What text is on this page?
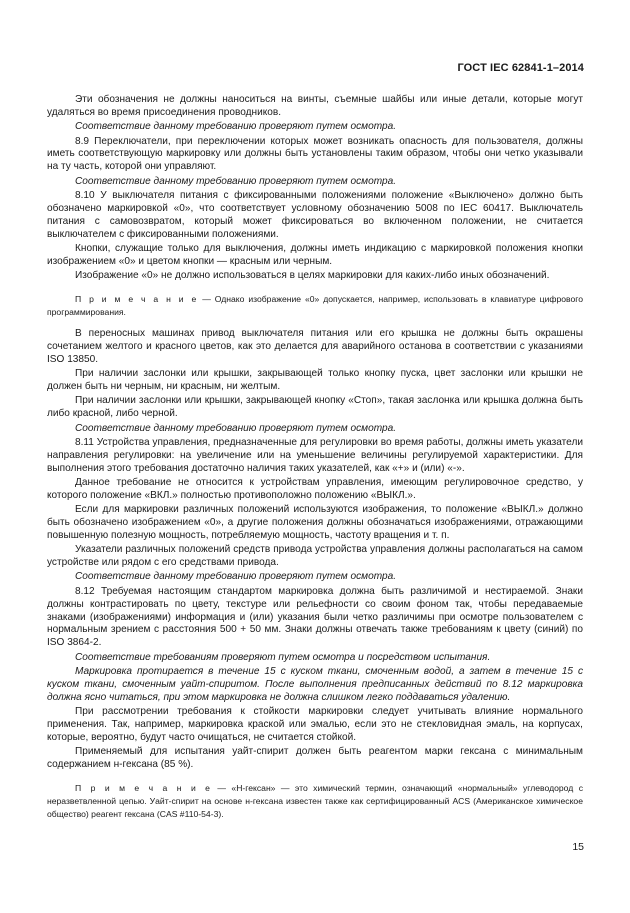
ГОСТ IEC 62841-1–2014

Эти обозначения не должны наноситься на винты, съемные шайбы или иные детали, которые могут удаляться во время присоединения проводников.

Соответствие данному требованию проверяют путем осмотра.

8.9 Переключатели, при переключении которых может возникать опасность для пользователя, должны иметь соответствующую маркировку или должны быть установлены таким образом, чтобы они четко указывали на ту часть, которой они управляют.

Соответствие данному требованию проверяют путем осмотра.

8.10 У выключателя питания с фиксированными положениями положение «Выключено» должно быть обозначено маркировкой «0», что соответствует условному обозначению 5008 по IEC 60417. Выключатель питания с самовозвратом, который может фиксироваться во включенном положении, не считается выключателем с фиксированными положениями.

Кнопки, служащие только для выключения, должны иметь индикацию с маркировкой положения кнопки изображением «0» и цветом кнопки — красным или черным.

Изображение «0» не должно использоваться в целях маркировки для каких-либо иных обозначений.

П р и м е ч а н и е — Однако изображение «0» допускается, например, использовать в клавиатуре цифрового программирования.

В переносных машинах привод выключателя питания или его крышка не должны быть окрашены сочетанием желтого и красного цветов, как это делается для аварийного останова в соответствии с указаниями ISO 13850.

При наличии заслонки или крышки, закрывающей только кнопку пуска, цвет заслонки или крышки не должен быть ни черным, ни красным, ни желтым.

При наличии заслонки или крышки, закрывающей кнопку «Стоп», такая заслонка или крышка должна быть либо красной, либо черной.

Соответствие данному требованию проверяют путем осмотра.

8.11 Устройства управления, предназначенные для регулировки во время работы, должны иметь указатели направления регулировки: на увеличение или на уменьшение величины регулируемой характеристики. Для выполнения этого требования достаточно наличия таких указателей, как «+» и (или) «-».

Данное требование не относится к устройствам управления, имеющим регулировочное средство, у которого положение «ВКЛ.» полностью противоположно положению «ВЫКЛ.».

Если для маркировки различных положений используются изображения, то положение «ВЫКЛ.» должно быть обозначено изображением «0», а другие положения должны обозначаться изображениями, отражающими повышенную полезную мощность, потребляемую мощность, частоту вращения и т. п.

Указатели различных положений средств привода устройства управления должны располагаться на самом устройстве или рядом с его средствами привода.

Соответствие данному требованию проверяют путем осмотра.

8.12 Требуемая настоящим стандартом маркировка должна быть различимой и нестираемой. Знаки должны контрастировать по цвету, текстуре или рельефности со своим фоном так, чтобы передаваемые знаками (изображениями) информация и (или) указания были четко различимы при осмотре пользователем с нормальным зрением с расстояния 500 + 50 мм. Знаки должны отвечать также требованиям к цвету (синий) по ISO 3864-2.

Соответствие требованиям проверяют путем осмотра и посредством испытания.

Маркировка протирается в течение 15 с куском ткани, смоченным водой, а затем в течение 15 с куском ткани, смоченным уайт-спиритом. После выполнения предписанных действий по 8.12 маркировка должна ясно читаться, при этом маркировка не должна слишком легко поддаваться удалению.

При рассмотрении требования к стойкости маркировки следует учитывать влияние нормального применения. Так, например, маркировка краской или эмалью, если это не стекловидная эмаль, на корпусах, которые, вероятно, будут часто очищаться, не считается стойкой.

Применяемый для испытания уайт-спирит должен быть реагентом марки гексана с минимальным содержанием н-гексана (85 %).

П р и м е ч а н и е — «Н-гексан» — это химический термин, означающий «нормальный» углеводород с неразветвленной цепью. Уайт-спирит на основе н-гексана известен также как сертифицированный ACS (Американское химическое общество) реагент гексана (CAS #110-54-3).

15
